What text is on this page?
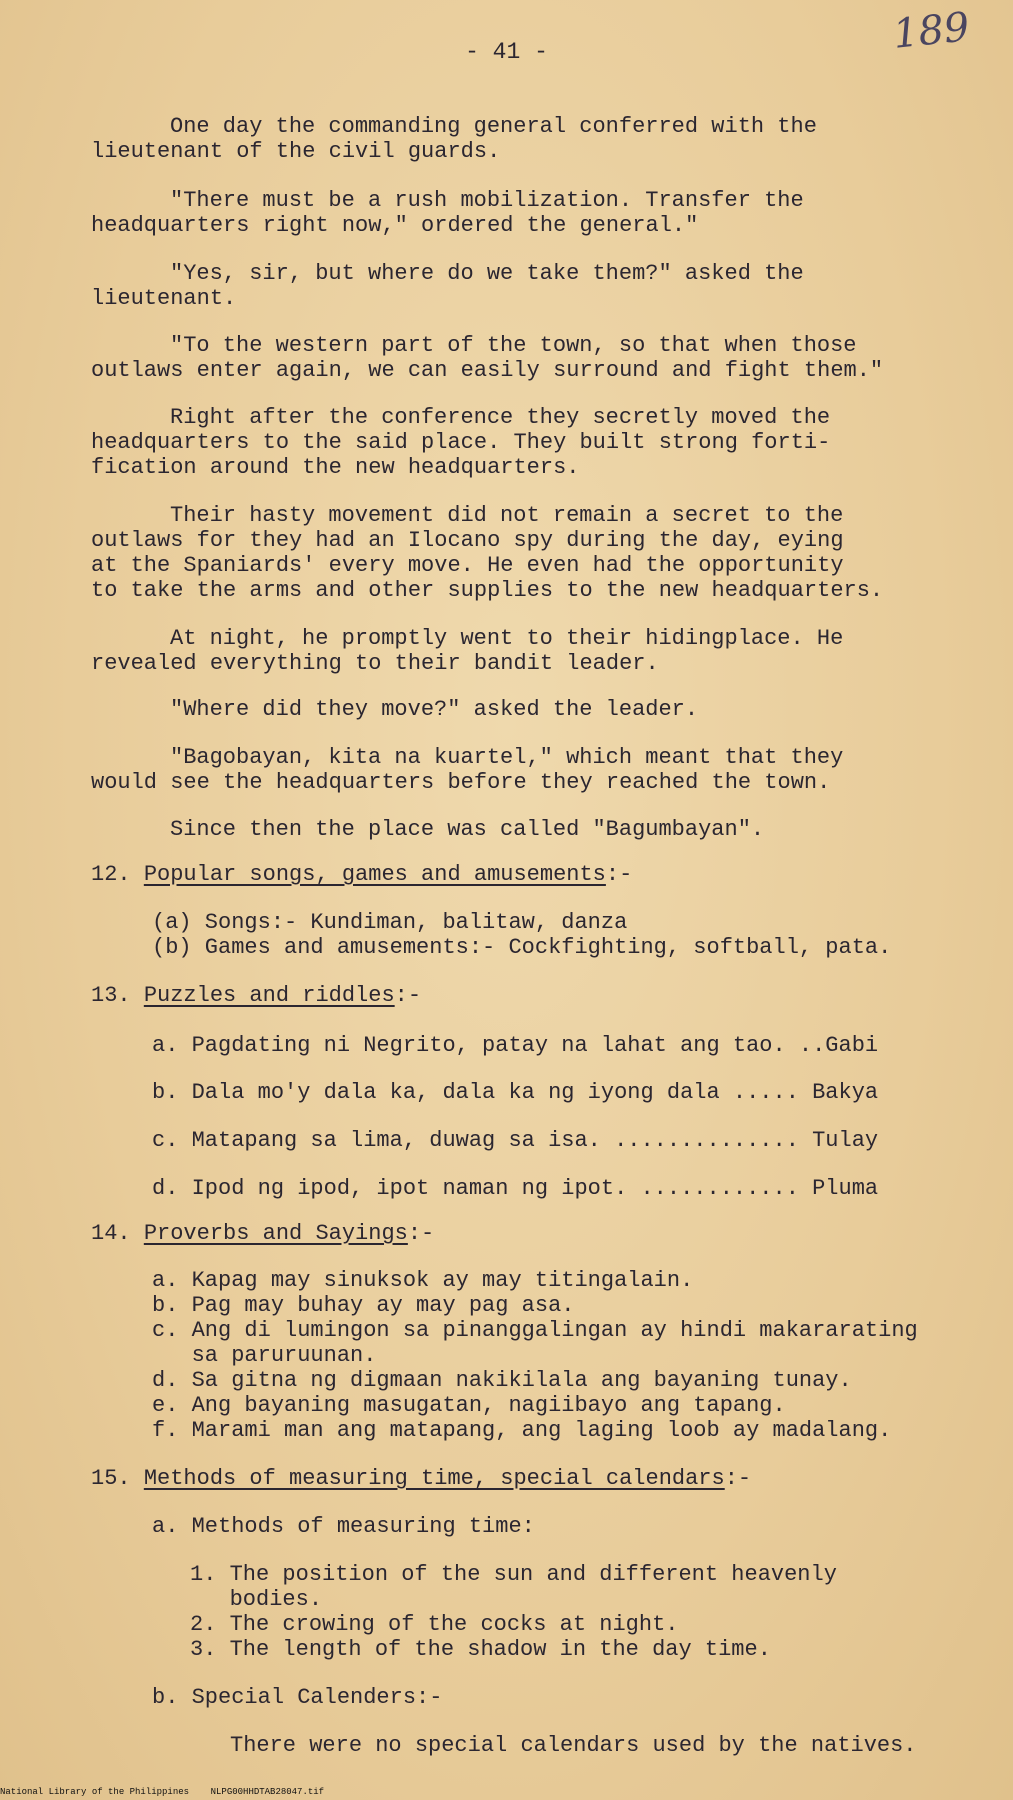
- 41 -	189
One day the commanding general conferred with the
lieutenant of the civil guards.
"There must be a rush mobilization. Transfer the
headquarters right now," ordered the general."
"Yes, sir, but where do we take them?" asked the
lieutenant.
"To the western part of the town, so that when those
outlaws enter again, we can easily surround and fight them."
Right after the conference they secretly moved the
headquarters to the said place. They built strong forti-
fication around the new headquarters.
Their hasty movement did not remain a secret to the
outlaws for they had an Ilocano spy during the day, eying
at the Spaniards' every move. He even had the opportunity
to take the arms and other supplies to the new headquarters.
At night, he promptly went to their hidingplace. He
revealed everything to their bandit leader.
"Where did they move?" asked the leader.
"Bagobayan, kita na kuartel," which meant that they
would see the headquarters before they reached the town.
Since then the place was called "Bagumbayan".
12. Popular songs, games and amusements:-
(a) Songs:- Kundiman, balitaw, danza
(b) Games and amusements:- Cockfighting, softball, pata.
13. Puzzles and riddles:-
a. Pagdating ni Negrito, patay na lahat ang tao. ..Gabi
b. Dala mo'y dala ka, dala ka ng iyong dala ..... Bakya
c. Matapang sa lima, duwag sa isa. .............. Tulay
d. Ipod ng ipod, ipot naman ng ipot. ............ Pluma
14. Proverbs and Sayings:-
a. Kapag may sinuksok ay may titingalain.
b. Pag may buhay ay may pag asa.
c. Ang di lumingon sa pinanggalingan ay hindi makararating
sa paruruunan.
d. Sa gitna ng digmaan nakikilala ang bayaning tunay.
e. Ang bayaning masugatan, nagiibayo ang tapang.
f. Marami man ang matapang, ang laging loob ay madalang.
15. Methods of measuring time, special calendars:-
a. Methods of measuring time:
1. The position of the sun and different heavenly
bodies.
2. The crowing of the cocks at night.
3. The length of the shadow in the day time.
b. Special Calenders:-
There were no special calendars used by the natives.
National Library of the Philippines    NLPG00HHDTAB28047.tif
